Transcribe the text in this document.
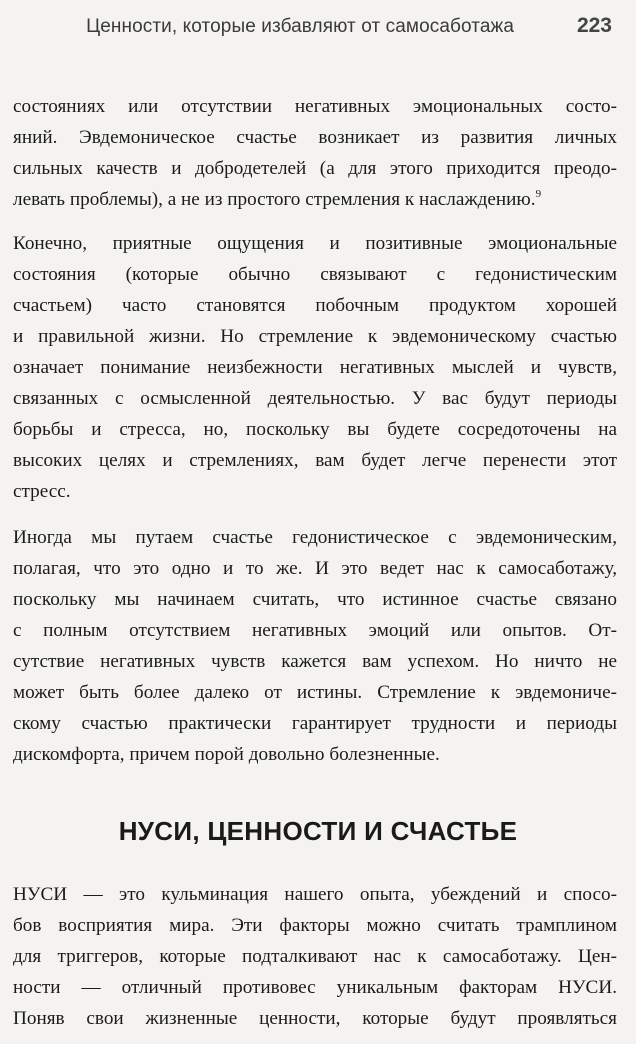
Ценности, которые избавляют от самосаботажа	223
состояниях или отсутствии негативных эмоциональных состо-
яний. Эвдемоническое счастье возникает из развития личных
сильных качеств и добродетелей (а для этого приходится преодо-
левать проблемы), а не из простого стремления к наслаждению.$^9$
Конечно, приятные ощущения и позитивные эмоциональные
состояния (которые обычно связывают с гедонистическим
счастьем) часто становятся побочным продуктом хорошей
и правильной жизни. Но стремление к эвдемоническому счастью
означает понимание неизбежности негативных мыслей и чувств,
связанных с осмысленной деятельностью. У вас будут периоды
борьбы и стресса, но, поскольку вы будете сосредоточены на
высоких целях и стремлениях, вам будет легче перенести этот
стресс.
Иногда мы путаем счастье гедонистическое с эвдемоническим,
полагая, что это одно и то же. И это ведет нас к самосаботажу,
поскольку мы начинаем считать, что истинное счастье связано
с полным отсутствием негативных эмоций или опытов. От-
сутствие негативных чувств кажется вам успехом. Но ничто не
может быть более далеко от истины. Стремление к эвдемониче-
скому счастью практически гарантирует трудности и периоды
дискомфорта, причем порой довольно болезненные.
НУСИ, ЦЕННОСТИ И СЧАСТЬЕ
НУСИ — это кульминация нашего опыта, убеждений и спосо-
бов восприятия мира. Эти факторы можно считать трамплином
для триггеров, которые подталкивают нас к самосаботажу. Цен-
ности — отличный противовес уникальным факторам НУСИ.
Поняв свои жизненные ценности, которые будут проявляться
